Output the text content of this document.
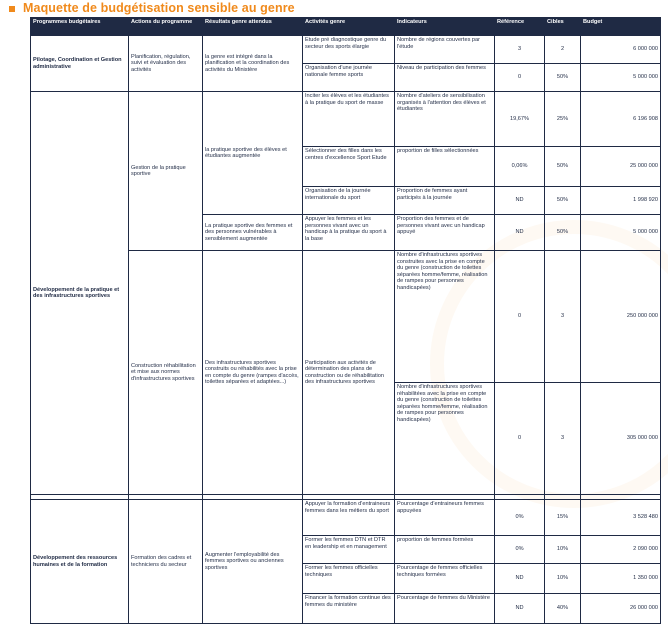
Maquette de budgétisation sensible au genre
Programmes budgétaires	Actions du programme	Résultats genre attendus	Activités genre	Indicateurs	Référence	Cibles	Budget
Pilotage, Coordination et Gestion administrative	Planification, régulation, suivi et évaluation des activités	la genre est intégré dans la planification et la coordination des activités du Ministère	Etude pré diagnostique genre du secteur des sports élargie	Nombre de régions couvertes par l'étude	3	2	6 000 000
			Organisation d'une journée nationale femme sports	Niveau de participation des femmes	0	50%	5 000 000
Développement de la pratique et des infrastructures sportives	Gestion de la pratique sportive	la pratique sportive des élèves et étudiantes augmentée	Inciter les élèves et les étudiantes à la pratique du sport de masse	Nombre d'ateliers de sensibilisation organisés à l'attention des élèves et étudiantes	19,67%	25%	6 196 908
			Sélectionner des filles dans les centres d'excellence Sport Etude	proportion de filles sélectionnées	0,06%	50%	25 000 000
			Organisation de la journée internationale du sport	Proportion de femmes ayant participés à la journée	ND	50%	1 998 920
		La pratique sportive des femmes et des personnes vulnérables à sensiblement augmentée	Appuyer les femmes et les personnes vivant avec un handicap à la pratique du sport à la base	Proportion des femmes et de personnes vivant avec un handicap appuyé	ND	50%	5 000 000
	Construction réhabilitation et mise aux normes d'infrastructures sportives	Des infrastructures sportives construits ou réhabilités avec la prise en compte du genre (rampes d'accès, toilettes séparées et adaptées...)	Participation aux activités de détermination des plans de construction ou de réhabilitation des infrastructures sportives	Nombre d'infrastructures sportives construites avec la prise en compte du genre (construction de toilettes séparées homme/femme, réalisation de rampes pour personnes handicapées)	0	3	250 000 000
				Nombre d'infrastructures sportives réhabilitées avec la prise en compte du genre (construction de toilettes séparées homme/femme, réalisation de rampes pour personnes handicapées)	0	3	305 000 000

Développement des ressources humaines et de la formation	Formation des cadres et techniciens du secteur	Augmenter l'employabilité des femmes sportives ou anciennes sportives	Appuyer la formation d'entraineurs femmes dans les métiers du sport	Pourcentage d'entraineurs femmes appuyées	0%	15%	3 528 480
			Former les femmes DTN et DTR en leadership et en management	proportion de femmes formées	0%	10%	2 090 000
			Former les femmes officielles techniques	Pourcentage de femmes officielles techniques formées	ND	10%	1 350 000
			Financer la formation continue des femmes du ministère	Pourcentage de femmes du Ministère	ND	40%	26 000 000
